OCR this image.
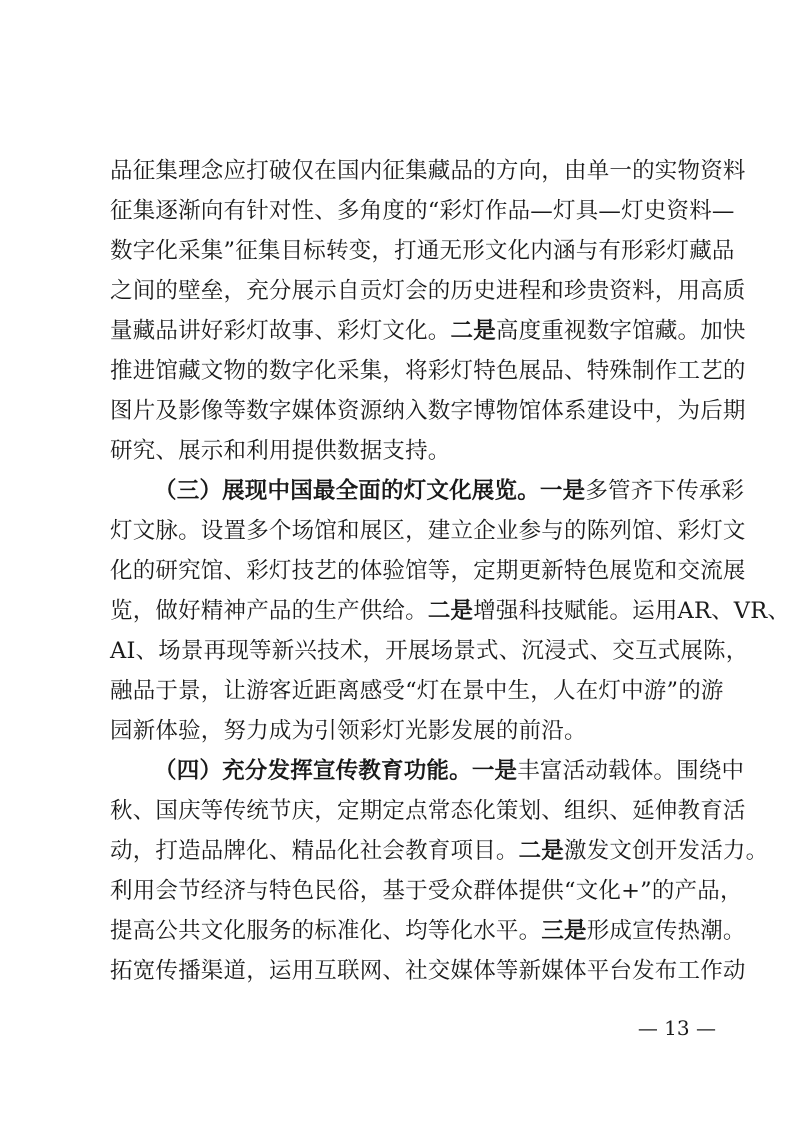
品征集理念应打破仅在国内征集藏品的方向，由单一的实物资料
征集逐渐向有针对性、多角度的“彩灯作品—灯具—灯史资料—
数字化采集”征集目标转变，打通无形文化内涵与有形彩灯藏品
之间的壁垒，充分展示自贡灯会的历史进程和珍贵资料，用高质
量藏品讲好彩灯故事、彩灯文化。二是高度重视数字馆藏。加快
推进馆藏文物的数字化采集，将彩灯特色展品、特殊制作工艺的
图片及影像等数字媒体资源纳入数字博物馆体系建设中，为后期
研究、展示和利用提供数据支持。
（三）展现中国最全面的灯文化展览。一是多管齐下传承彩
灯文脉。设置多个场馆和展区，建立企业参与的陈列馆、彩灯文
化的研究馆、彩灯技艺的体验馆等，定期更新特色展览和交流展
览，做好精神产品的生产供给。二是增强科技赋能。运用AR、VR、
AI、场景再现等新兴技术，开展场景式、沉浸式、交互式展陈，
融品于景，让游客近距离感受“灯在景中生，人在灯中游”的游
园新体验，努力成为引领彩灯光影发展的前沿。
（四）充分发挥宣传教育功能。一是丰富活动载体。围绕中
秋、国庆等传统节庆，定期定点常态化策划、组织、延伸教育活
动，打造品牌化、精品化社会教育项目。二是激发文创开发活力。
利用会节经济与特色民俗，基于受众群体提供“文化+”的产品，
提高公共文化服务的标准化、均等化水平。三是形成宣传热潮。
拓宽传播渠道，运用互联网、社交媒体等新媒体平台发布工作动
— 13 —
